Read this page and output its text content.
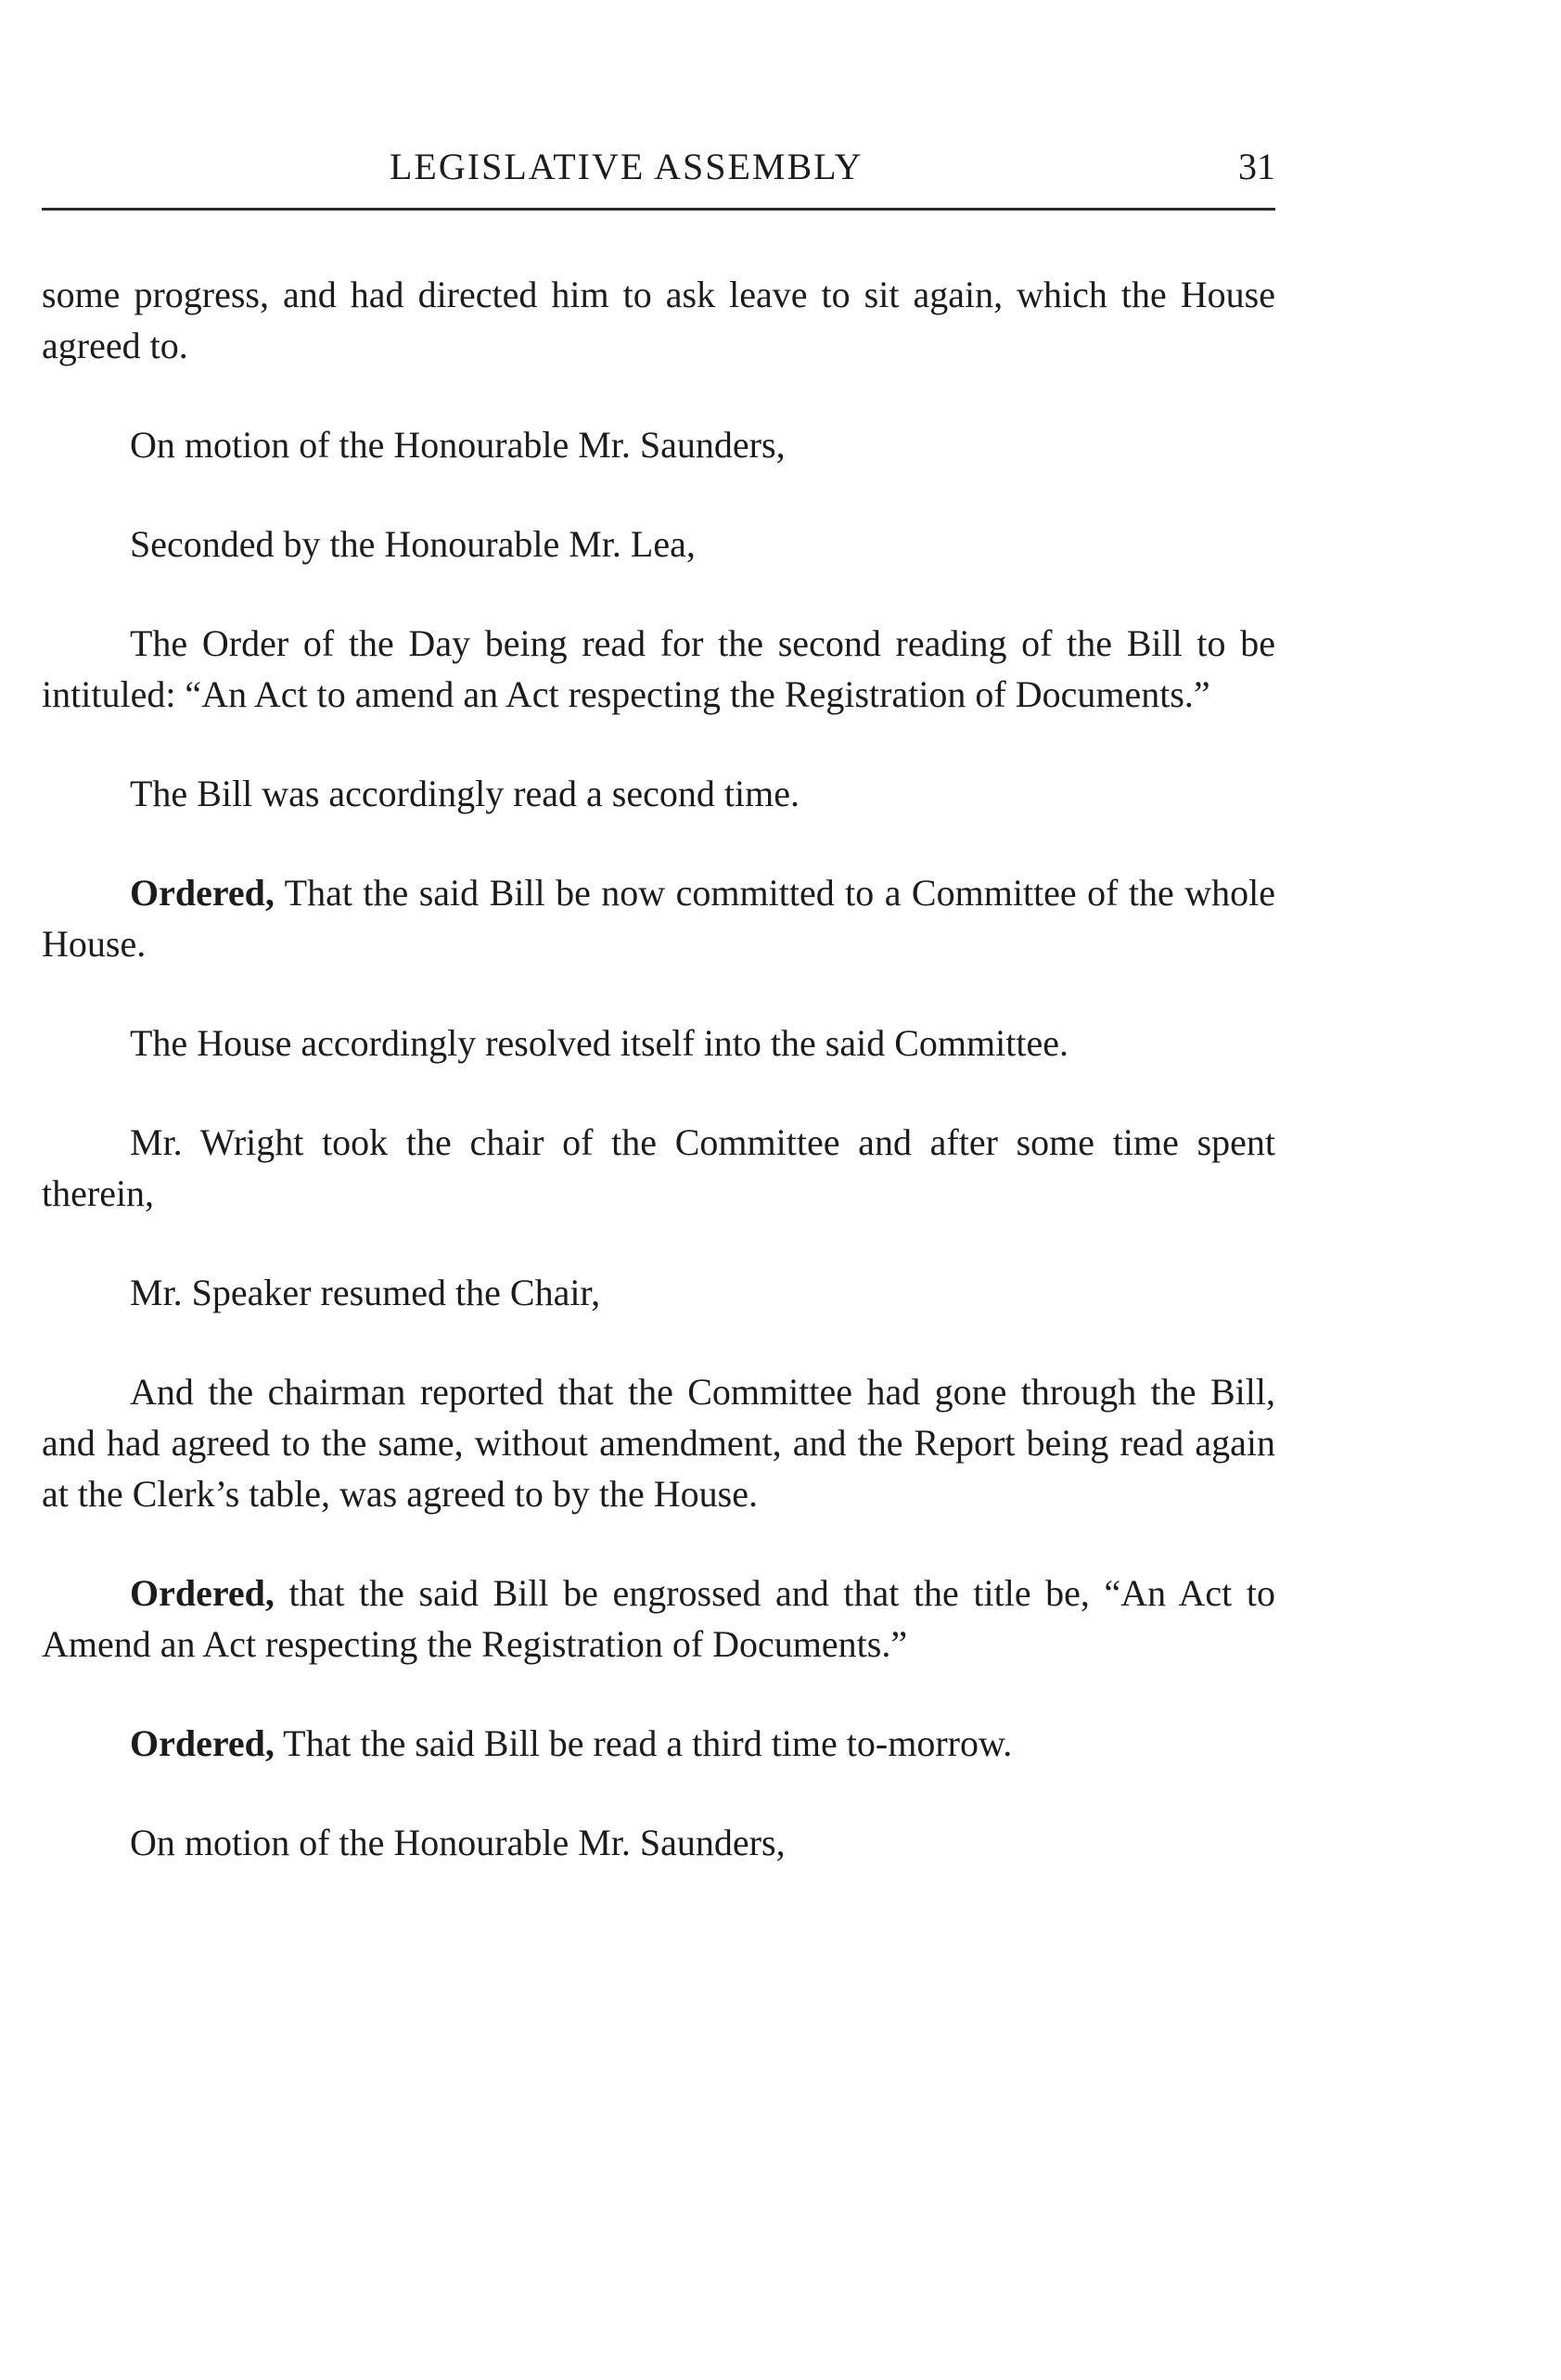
LEGISLATIVE ASSEMBLY	31

some progress, and had directed him to ask leave to sit again, which the House agreed to.

On motion of the Honourable Mr. Saunders,

Seconded by the Honourable Mr. Lea,

The Order of the Day being read for the second reading of the Bill to be intituled: “An Act to amend an Act respecting the Registration of Documents.”

The Bill was accordingly read a second time.

Ordered, That the said Bill be now committed to a Committee of the whole House.

The House accordingly resolved itself into the said Committee.

Mr. Wright took the chair of the Committee and after some time spent therein,

Mr. Speaker resumed the Chair,

And the chairman reported that the Committee had gone through the Bill, and had agreed to the same, without amendment, and the Report being read again at the Clerk’s table, was agreed to by the House.

Ordered, that the said Bill be engrossed and that the title be, “An Act to Amend an Act respecting the Registration of Documents.”

Ordered, That the said Bill be read a third time to-morrow.

On motion of the Honourable Mr. Saunders,
